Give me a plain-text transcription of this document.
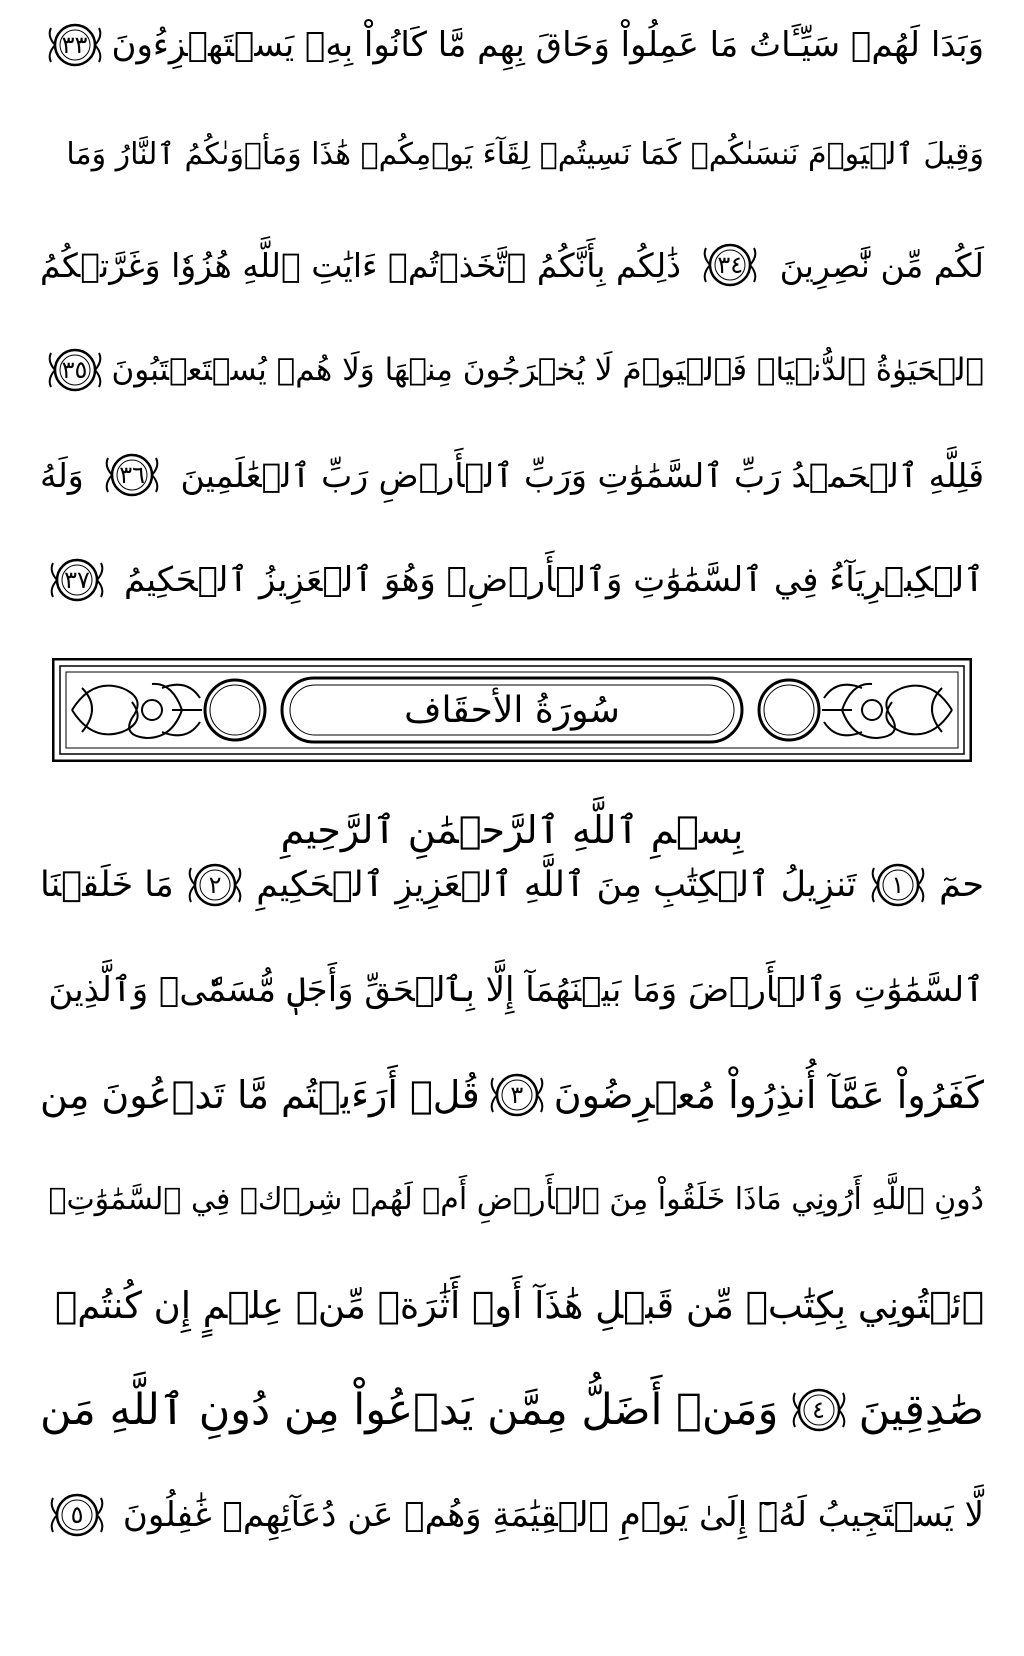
وَبَدَا لَهُمۡ سَيِّـَٔاتُ مَا عَمِلُواْ وَحَاقَ بِهِم مَّا كَانُواْ بِهِۦ يَسۡتَهۡزِءُونَ
٣٣
وَقِيلَ ٱلۡيَوۡمَ نَنسَىٰكُمۡ كَمَا نَسِيتُمۡ لِقَآءَ يَوۡمِكُمۡ هَٰذَا وَمَأۡوَىٰكُمُ ٱلنَّارُ وَمَا
لَكُم مِّن نَّٰصِرِينَ
٣٤
ذَٰلِكُم بِأَنَّكُمُ ٱتَّخَذۡتُمۡ ءَايَٰتِ ٱللَّهِ هُزُوٗا وَغَرَّتۡكُمُ
ٱلۡحَيَوٰةُ ٱلدُّنۡيَاۚ فَٱلۡيَوۡمَ لَا يُخۡرَجُونَ مِنۡهَا وَلَا هُمۡ يُسۡتَعۡتَبُونَ
٣٥
فَلِلَّهِ ٱلۡحَمۡدُ رَبِّ ٱلسَّمَٰوَٰتِ وَرَبِّ ٱلۡأَرۡضِ رَبِّ ٱلۡعَٰلَمِينَ
٣٦
وَلَهُ
ٱلۡكِبۡرِيَآءُ فِي ٱلسَّمَٰوَٰتِ وَٱلۡأَرۡضِۖ وَهُوَ ٱلۡعَزِيزُ ٱلۡحَكِيمُ
٣٧
سُورَةُ الأحقَاف
بِسۡمِ ٱللَّهِ ٱلرَّحۡمَٰنِ ٱلرَّحِيمِ
حمٓ
١
تَنزِيلُ ٱلۡكِتَٰبِ مِنَ ٱللَّهِ ٱلۡعَزِيزِ ٱلۡحَكِيمِ
٢
مَا خَلَقۡنَا
ٱلسَّمَٰوَٰتِ وَٱلۡأَرۡضَ وَمَا بَيۡنَهُمَآ إِلَّا بِٱلۡحَقِّ وَأَجَلٖ مُّسَمّٗىۚ وَٱلَّذِينَ
كَفَرُواْ عَمَّآ أُنذِرُواْ مُعۡرِضُونَ
٣
قُلۡ أَرَءَيۡتُم مَّا تَدۡعُونَ مِن
دُونِ ٱللَّهِ أَرُونِي مَاذَا خَلَقُواْ مِنَ ٱلۡأَرۡضِ أَمۡ لَهُمۡ شِرۡكٞ فِي ٱلسَّمَٰوَٰتِۖ
ٱئۡتُونِي بِكِتَٰبٖ مِّن قَبۡلِ هَٰذَآ أَوۡ أَثَٰرَةٖ مِّنۡ عِلۡمٍ إِن كُنتُمۡ
صَٰدِقِينَ
٤
وَمَنۡ أَضَلُّ مِمَّن يَدۡعُواْ مِن دُونِ ٱللَّهِ مَن
لَّا يَسۡتَجِيبُ لَهُۥٓ إِلَىٰ يَوۡمِ ٱلۡقِيَٰمَةِ وَهُمۡ عَن دُعَآئِهِمۡ غَٰفِلُونَ
٥
